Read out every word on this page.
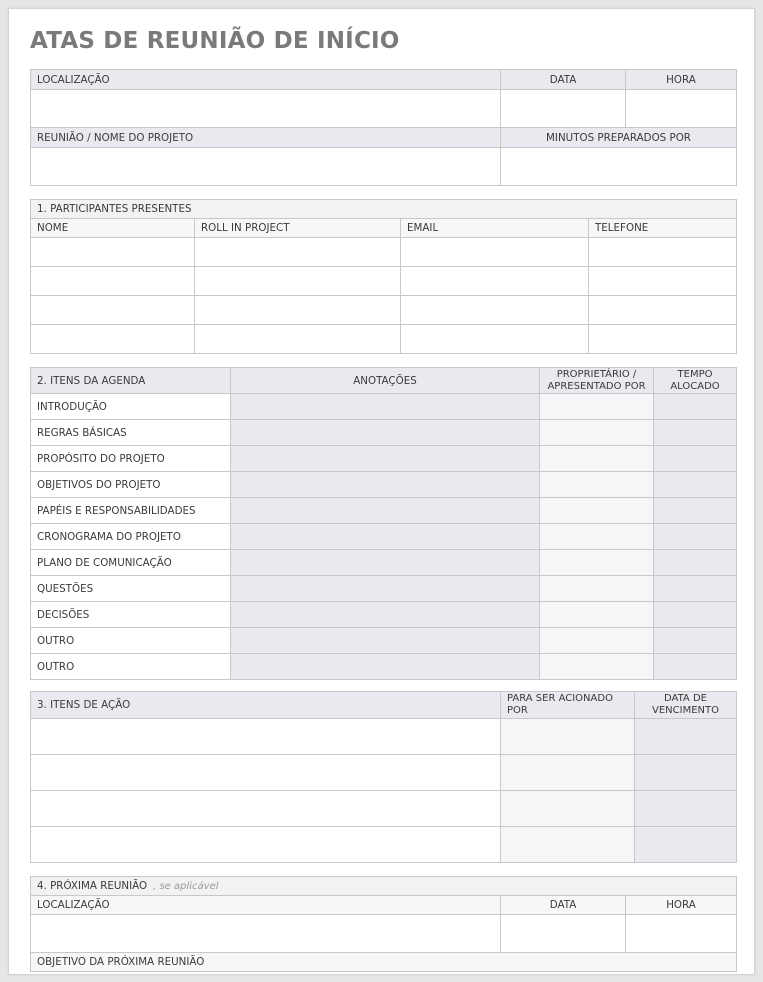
ATAS DE REUNIÃO DE INÍCIO
LOCALIZAÇÃO	DATA	HORA

REUNIÃO / NOME DO PROJETO	MINUTOS PREPARADOS POR	

1. PARTICIPANTES PRESENTES			
NOME	ROLL IN PROJECT	EMAIL	TELEFONE

2. ITENS DA AGENDA	ANOTAÇÕES	PROPRIETÁRIO / APRESENTADO POR	TEMPO ALOCADO
INTRODUÇÃO			
REGRAS BÁSICAS			
PROPÓSITO DO PROJETO			
OBJETIVOS DO PROJETO			
PAPÉIS E RESPONSABILIDADES			
CRONOGRAMA DO PROJETO			
PLANO DE COMUNICAÇÃO			
QUESTÕES			
DECISÕES			
OUTRO			
OUTRO			
3. ITENS DE AÇÃO	PARA SER ACIONADO POR	DATA DE VENCIMENTO

4. PRÓXIMA REUNIÃO , se aplicável		
LOCALIZAÇÃO	DATA	HORA

OBJETIVO DA PRÓXIMA REUNIÃO		
